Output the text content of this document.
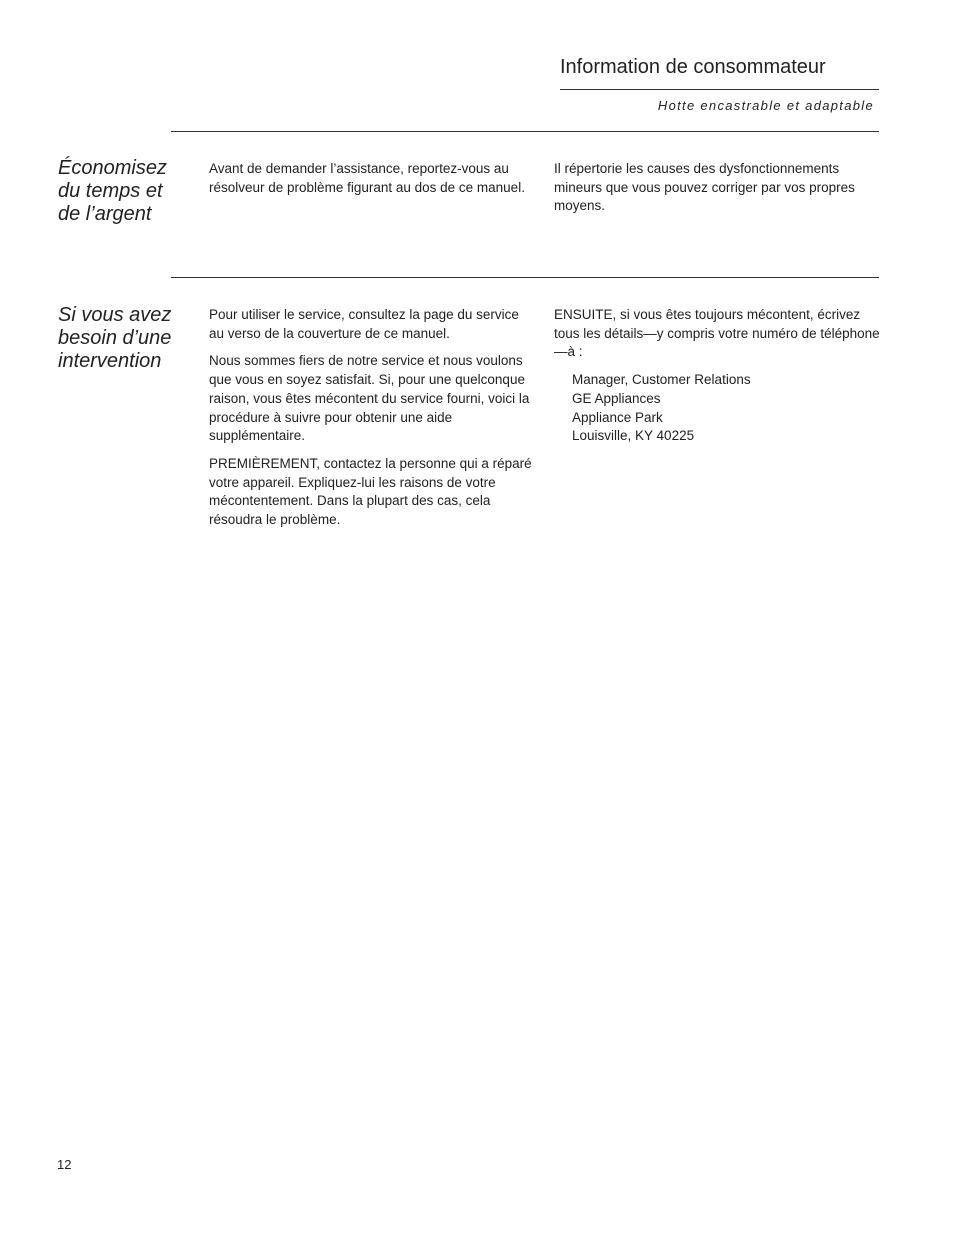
Information de consommateur
Hotte encastrable et adaptable
Économisez du temps et de l’argent

Avant de demander l’assistance, reportez-vous au résolveur de problème figurant au dos de ce manuel.

Il répertorie les causes des dysfonctionnements mineurs que vous pouvez corriger par vos propres moyens.

Si vous avez besoin d’une intervention

Pour utiliser le service, consultez la page du service au verso de la couverture de ce manuel.

Nous sommes fiers de notre service et nous voulons que vous en soyez satisfait. Si, pour une quelconque raison, vous êtes mécontent du service fourni, voici la procédure à suivre pour obtenir une aide supplémentaire.

PREMIÈREMENT, contactez la personne qui a réparé votre appareil. Expliquez-lui les raisons de votre mécontentement. Dans la plupart des cas, cela résoudra le problème.

ENSUITE, si vous êtes toujours mécontent, écrivez tous les détails—y compris votre numéro de téléphone—à :

Manager, Customer Relations
GE Appliances
Appliance Park
Louisville, KY 40225
12
